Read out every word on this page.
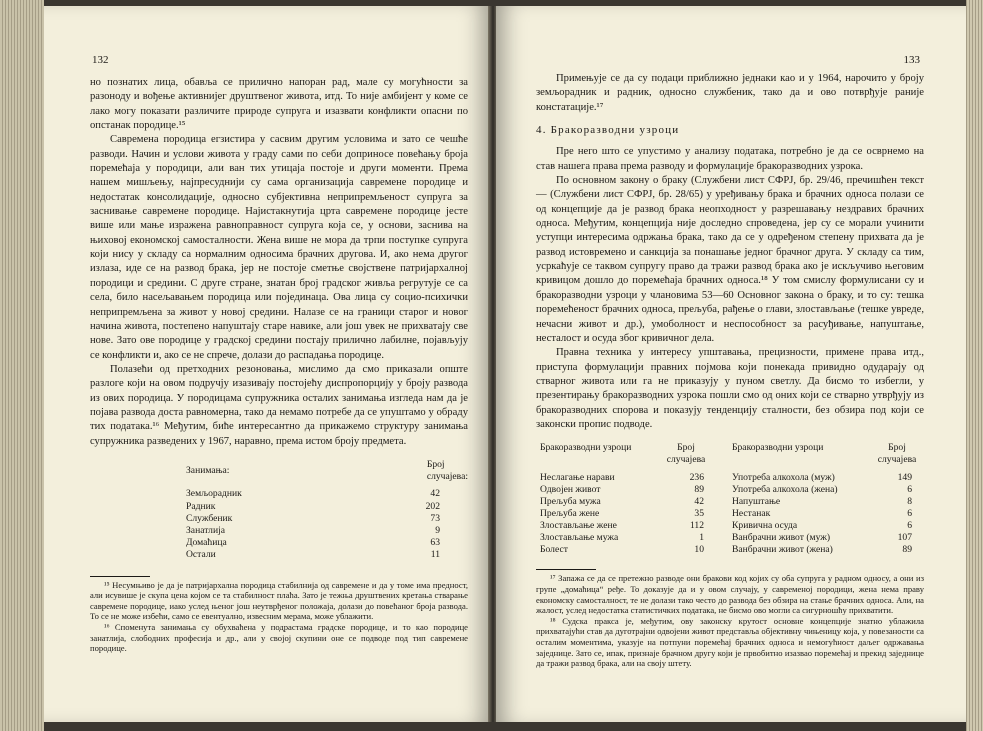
132

но познатих лица, обавља се прилично напоран рад, мале су могућности за разоноду и вођење активнијег друштвеног живота, итд. То није амбијент у коме се лако могу показати различите природе супруга и изазвати конфликти опасни по опстанак породице.¹⁵

Савремена породица егзистира у сасвим другим условима и зато се чешће разводи. Начин и услови живота у граду сами по себи доприносе повећању броја поремећаја у породици, али ван тих утицаја постоје и други моменти. Према нашем мишљењу, најпресуднији су сама организација савремене породице и недостатак консолидације, односно субјективна неприпремљеност супруга за заснивање савремене породице. Најистакнутија црта савремене породице јесте више или мање изражена равноправност супруга која се, у основи, заснива на њиховој економској самосталности. Жена више не мора да трпи поступке супруга који нису у складу са нормалним односима брачних другова. И, ако нема другог излаза, иде се на развод брака, јер не постоје сметње својствене патријархалној породици и средини. С друге стране, знатан број градског живља регрутује се са села, било насељавањем породица или појединаца. Ова лица су социо-психички неприпремљена за живот у новој средини. Налазе се на граници старог и новог начина живота, постепено напуштају старе навике, али још увек не прихватају све нове. Зато ове породице у градској средини постају прилично лабилне, појављују се конфликти и, ако се не спрече, долази до распадања породице.

Полазећи од претходних резоновања, мислимо да смо приказали опште разлоге који на овом подручју изазивају постојећу диспропорцију у броју развода из ових породица. У породицама супружника осталих занимања изгледа нам да је појава развода доста равномерна, тако да немамо потребе да се упуштамо у обраду тих података.¹⁶ Међутим, биће интересантно да прикажемо структуру занимања супружника разведених у 1967, наравно, према истом броју предмета.

Занимања:	Број случајева:
Земљорадник	42
Радник	202
Службеник	73
Занатлија	9
Домаћица	63
Остали	11

¹⁵ Несумњиво је да је патријархална породица стабилнија од савремене и да у томе има предност, али исувише је скупа цена којом се та стабилност плаћа. Зато је тежња друштвених кретања стварање савремене породице, иако услед њеног још неутврђеног положаја, долази до повећаног броја развода. То се не може избећи, само се евентуално, извесним мерама, може ублажити.

¹⁶ Споменута занимања су обухваћена у подрастама градске породице, и то као породице занатлија, слободних професија и др., али у својој скупини оне се подводе под тип савремене породице.

133

Примењује се да су подаци приближно једнаки као и у 1964, нарочито у броју земљорадник и радник, односно службеник, тако да и ово потврђује раније констатације.¹⁷

4. Бракоразводни узроци

Пре него што се упустимо у анализу података, потребно је да се осврнемо на став нашега права према разводу и формулације бракоразводних узрока.

По основном закону о браку (Службени лист СФРЈ, бр. 29/46, пречишћен текст — (Службени лист СФРЈ, бр. 28/65) у уређивању брака и брачних односа полази се од концепције да је развод брака неопходност у разрешавању нездравих брачних односа. Међутим, концепција није доследно спроведена, јер су се морали учинити уступци интересима одржања брака, тако да се у одређеном степену прихвата да је развод истовремено и санкција за понашање једног брачног друга. У складу са тим, усркаћује се таквом супругу право да тражи развод брака ако је искључиво његовим кривицом дошло до поремећаја брачних односа.¹⁸ У том смислу формулисани су и бракоразводни узроци у члановима 53—60 Основног закона о браку, и то су: тешка поремећеност брачних односа, прељуба, рађење о глави, злостављање (тешке увреде, нечасни живот и др.), умоболност и неспособност за расуђивање, напуштање, несталост и осуда због кривичног дела.

Правна техника у интересу упштавања, прецизности, примене права итд., приступа формулацији правних појмова који понекада привидно одударају од стварног живота или га не приказују у пуном светлу. Да бисмо то избегли, у презентирању бракоразводних узрока пошли смо од оних који се стварно утврђују из бракоразводних спорова и показују тенденцију сталности, без обзира под који се законски пропис подводе.

Бракоразводни узроци	Број случајева	Бракоразводни узроци	Број случајева
Неслагање нарави	236	Употреба алкохола (муж)	149
Одвојен живот	89	Употреба алкохола (жена)	6
Прељуба мужа	42	Напуштање	8
Прељуба жене	35	Нестанак	6
Злостављање жене	112	Кривична осуда	6
Злостављање мужа	1	Ванбрачни живот (муж)	107
Болест	10	Ванбрачни живот (жена)	89

¹⁷ Запажа се да се претежно разводе они бракови код којих су оба супруга у радном односу, а они из групе „домаћица“ ређе. То доказује да и у овом случају, у савременој породици, жена нема праву економску самосталност, те не долази тако често до развода без обзира на стање брачних односа. Али, на жалост, услед недостатка статистичких података, не бисмо ово могли са сигурношћу прихватити.

¹⁸ Судска пракса је, међутим, ову законску крутост основне концепције знатно ублажила прихватајући став да дуготрајни одвојени живот представља објективну чињеницу која, у повезаности са осталим моментима, указује на потпуни поремећај брачних односа и немогућност даљег одржавања заједнице. Зато се, ипак, признаје брачном другу који је првобитно изазвао поремећај и прекид заједнице да тражи развод брака, али на своју штету.
